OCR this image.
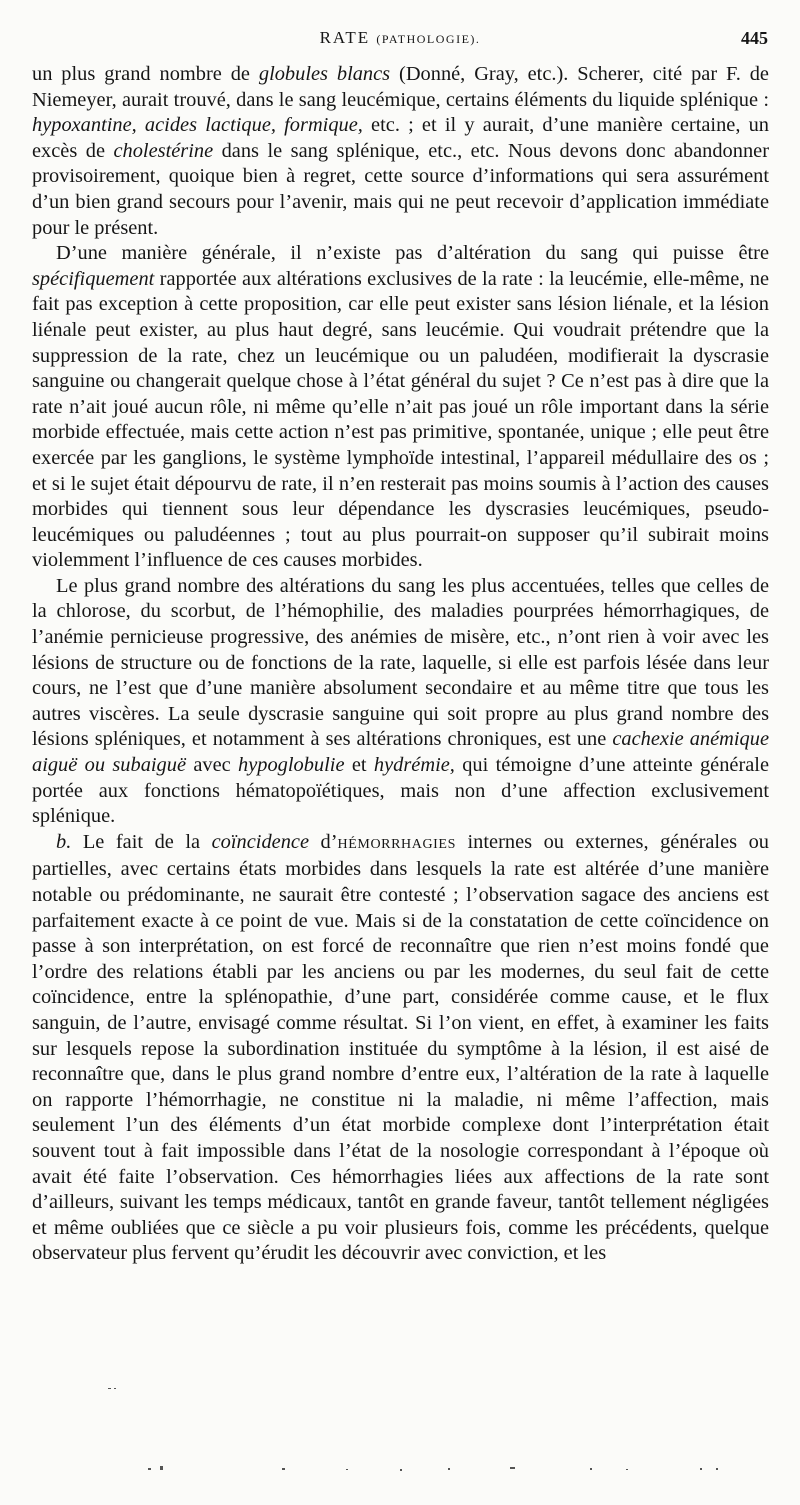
RATE (PATHOLOGIE).	445

un plus grand nombre de globules blancs (Donné, Gray, etc.). Scherer, cité par F. de Niemeyer, aurait trouvé, dans le sang leucémique, certains éléments du liquide splénique : hypoxantine, acides lactique, formique, etc. ; et il y aurait, d’une manière certaine, un excès de cholestérine dans le sang splénique, etc., etc. Nous devons donc abandonner provisoirement, quoique bien à regret, cette source d’informations qui sera assurément d’un bien grand secours pour l’avenir, mais qui ne peut recevoir d’application immédiate pour le présent.

D’une manière générale, il n’existe pas d’altération du sang qui puisse être spécifiquement rapportée aux altérations exclusives de la rate : la leucémie, elle-même, ne fait pas exception à cette proposition, car elle peut exister sans lésion liénale, et la lésion liénale peut exister, au plus haut degré, sans leucémie. Qui voudrait prétendre que la suppression de la rate, chez un leucémique ou un paludéen, modifierait la dyscrasie sanguine ou changerait quelque chose à l’état général du sujet ? Ce n’est pas à dire que la rate n’ait joué aucun rôle, ni même qu’elle n’ait pas joué un rôle important dans la série morbide effectuée, mais cette action n’est pas primitive, spontanée, unique ; elle peut être exercée par les ganglions, le système lymphoïde intestinal, l’appareil médullaire des os ; et si le sujet était dépourvu de rate, il n’en resterait pas moins soumis à l’action des causes morbides qui tiennent sous leur dépendance les dyscrasies leucémiques, pseudo-leucémiques ou paludéennes ; tout au plus pourrait-on supposer qu’il subirait moins violemment l’influence de ces causes morbides.

Le plus grand nombre des altérations du sang les plus accentuées, telles que celles de la chlorose, du scorbut, de l’hémophilie, des maladies pourprées hémorrhagiques, de l’anémie pernicieuse progressive, des anémies de misère, etc., n’ont rien à voir avec les lésions de structure ou de fonctions de la rate, laquelle, si elle est parfois lésée dans leur cours, ne l’est que d’une manière absolument secondaire et au même titre que tous les autres viscères. La seule dyscrasie sanguine qui soit propre au plus grand nombre des lésions spléniques, et notamment à ses altérations chroniques, est une cachexie anémique aiguë ou subaiguë avec hypoglobulie et hydrémie, qui témoigne d’une atteinte générale portée aux fonctions hématopoïétiques, mais non d’une affection exclusivement splénique.

b. Le fait de la coïncidence d’HÉMORRHAGIES internes ou externes, générales ou partielles, avec certains états morbides dans lesquels la rate est altérée d’une manière notable ou prédominante, ne saurait être contesté ; l’observation sagace des anciens est parfaitement exacte à ce point de vue. Mais si de la constatation de cette coïncidence on passe à son interprétation, on est forcé de reconnaître que rien n’est moins fondé que l’ordre des relations établi par les anciens ou par les modernes, du seul fait de cette coïncidence, entre la splénopathie, d’une part, considérée comme cause, et le flux sanguin, de l’autre, envisagé comme résultat. Si l’on vient, en effet, à examiner les faits sur lesquels repose la subordination instituée du symptôme à la lésion, il est aisé de reconnaître que, dans le plus grand nombre d’entre eux, l’altération de la rate à laquelle on rapporte l’hémorrhagie, ne constitue ni la maladie, ni même l’affection, mais seulement l’un des éléments d’un état morbide complexe dont l’interprétation était souvent tout à fait impossible dans l’état de la nosologie correspondant à l’époque où avait été faite l’observation. Ces hémorrhagies liées aux affections de la rate sont d’ailleurs, suivant les temps médicaux, tantôt en grande faveur, tantôt tellement négligées et même oubliées que ce siècle a pu voir plusieurs fois, comme les précédents, quelque observateur plus fervent qu’érudit les découvrir avec conviction, et les
